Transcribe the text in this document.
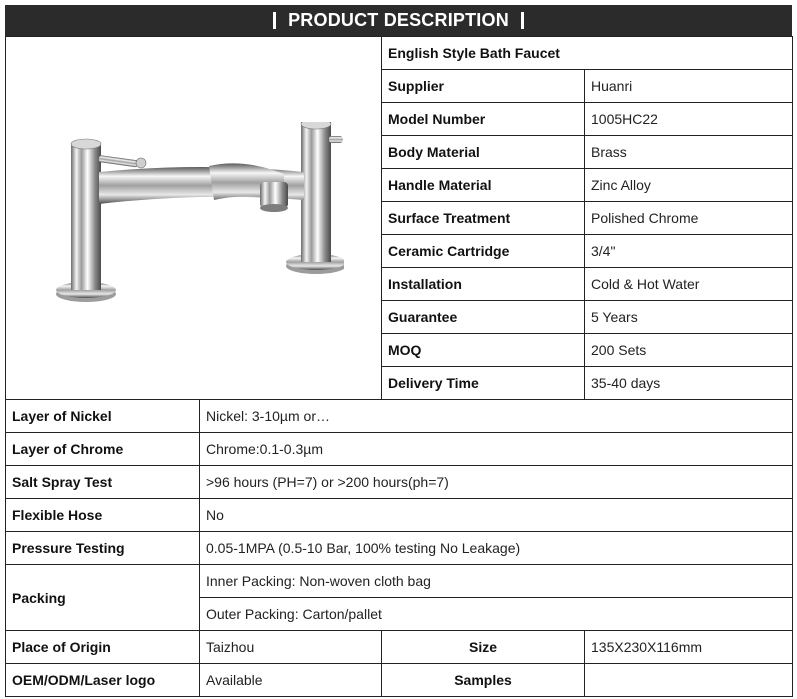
PRODUCT DESCRIPTION
	English Style Bath Faucet	
		Supplier	Huanri
		Model Number	1005HC22
		Body Material	Brass
		Handle Material	Zinc Alloy
		Surface Treatment	Polished Chrome
		Ceramic Cartridge	3/4"
		Installation	Cold & Hot Water
		Guarantee	5 Years
		MOQ	200 Sets
		Delivery Time	35-40 days
Layer of Nickel	Nickel: 3-10µm or…		
Layer of Chrome	Chrome:0.1-0.3µm		
Salt Spray Test	>96 hours (PH=7) or >200 hours(ph=7)		
Flexible Hose	No		
Pressure Testing	0.05-1MPA (0.5-10 Bar, 100% testing No Leakage)		
Packing	Inner Packing: Non-woven cloth bag		
	Outer Packing: Carton/pallet		
Place of Origin	Taizhou	Size	135X230X116mm
OEM/ODM/Laser logo	Available	Samples	
